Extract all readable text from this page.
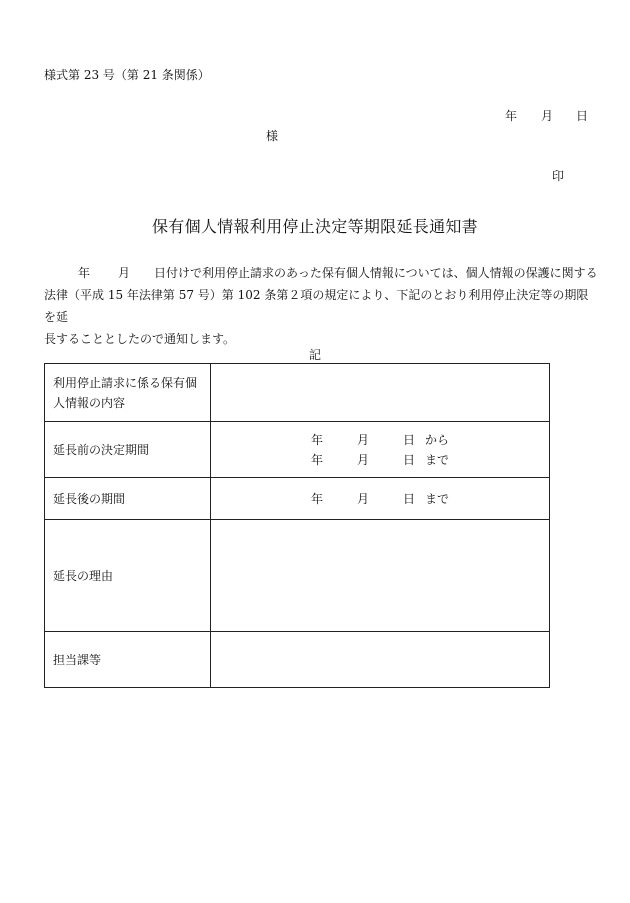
様式第 23 号（第 21 条関係）
年 月 日
様
印
保有個人情報利用停止決定等期限延長通知書

年 月 日付けで利用停止請求のあった保有個人情報については、個人情報の保護に関する

法律（平成 15 年法律第 57 号）第 102 条第２項の規定により、下記のとおり利用停止決定等の期限を延

長することとしたので通知します。

記
利用停止請求に係る保有個人情報の内容	
延長前の決定期間	年 月 日 から
年 月 日 まで

延長後の期間	年 月 日 まで

延長の理由	
担当課等	
